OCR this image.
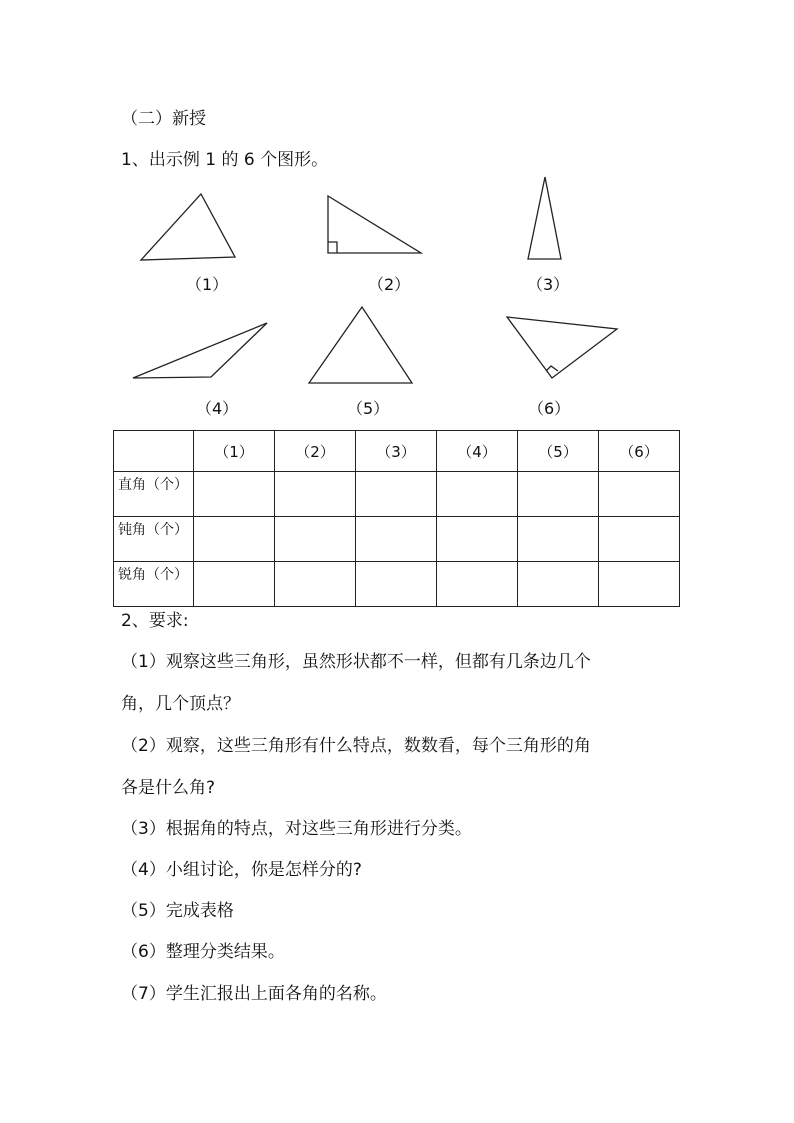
（二）新授
1、出示例 1 的 6 个图形。
（1）	（2）	（3）
（4）	（5）	（6）
	（1）	（2）	（3）	（4）	（5）	（6）
直角（个）						
钝角（个）						
锐角（个）						
2、要求:
（1）观察这些三角形，虽然形状都不一样，但都有几条边几个
角，几个顶点？
（2）观察，这些三角形有什么特点，数数看，每个三角形的角
各是什么角?
（3）根据角的特点，对这些三角形进行分类。
（4）小组讨论，你是怎样分的?
（5）完成表格
（6）整理分类结果。
（7）学生汇报出上面各角的名称。
